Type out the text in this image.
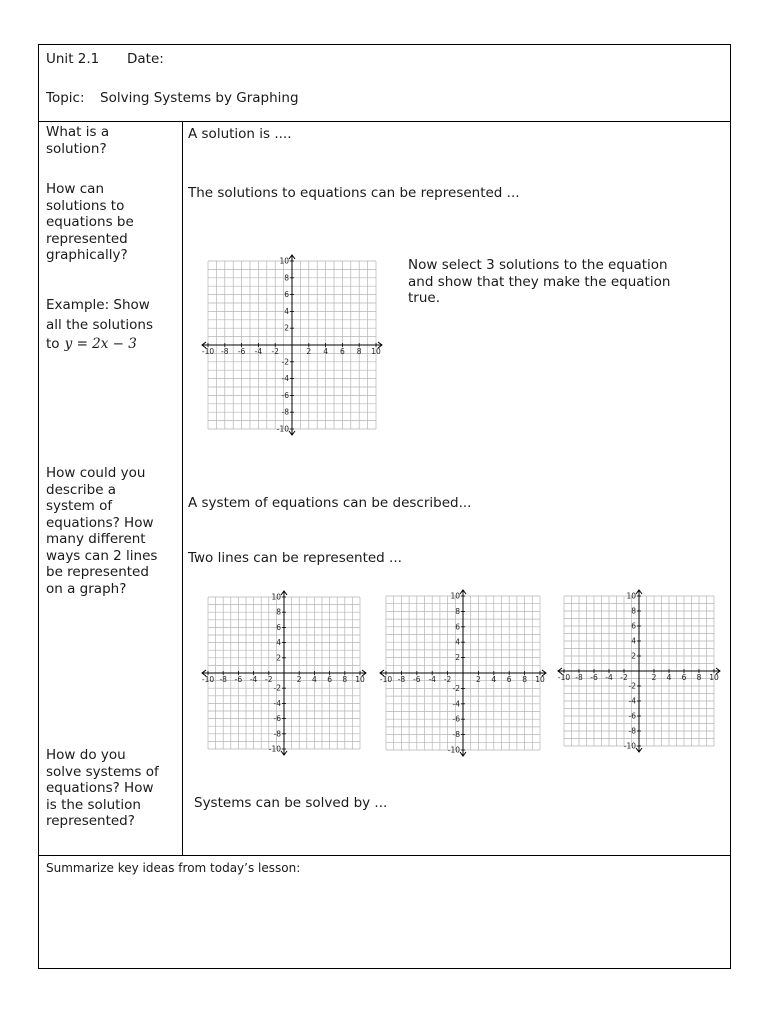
Unit 2.1 Date:
Topic: Solving Systems by Graphing
What is a
solution?
How can
solutions to
equations be
represented
graphically?
Example: Show
all the solutions
to y = 2x − 3
How could you
describe a
system of
equations? How
many different
ways can 2 lines
be represented
on a graph?
How do you
solve systems of
equations? How
is the solution
represented?
A solution is ....
The solutions to equations can be represented ...
Now select 3 solutions to the equation
and show that they make the equation
true.
A system of equations can be described...
Two lines can be represented ...
Systems can be solved by ...
Summarize key ideas from today’s lesson:
-10 -8 -6 -4 -2	2 4 6 8 10
10
8
6
4
2
-2
-4
-6
-8
-10
-10 -8 -6 -4 -2	2 4 6 8 10
10
8
6
4
2
-2
-4
-6
-8
-10
-10 -8 -6 -4 -2	2 4 6 8 10
10
8
6
4
2
-2
-4
-6
-8
-10
-10 -8 -6 -4 -2	2 4 6 8 10
10
8
6
4
2
-2
-4
-6
-8
-10
